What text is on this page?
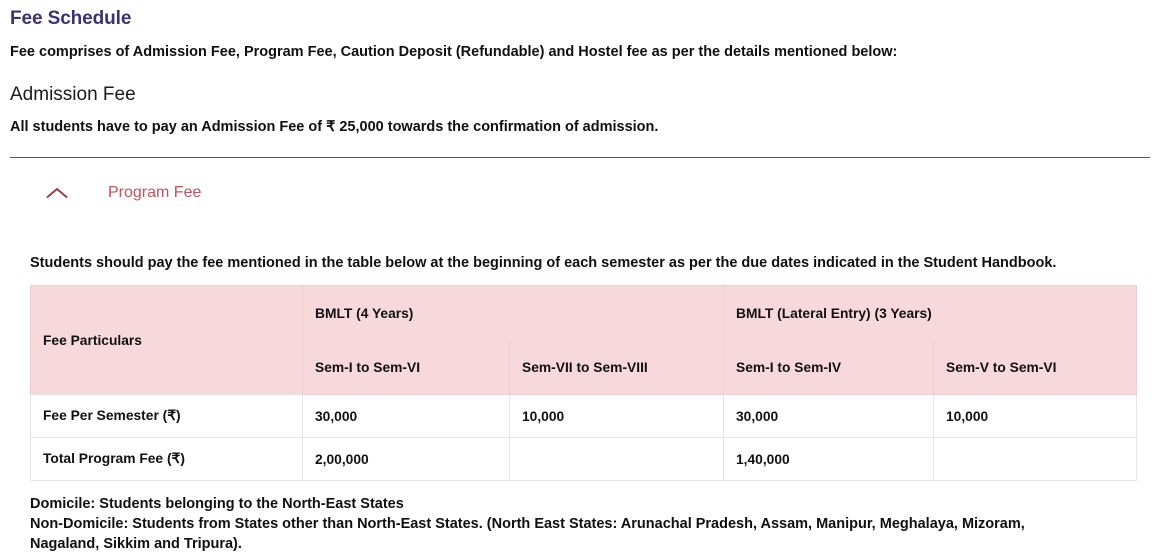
Fee Schedule

Fee comprises of Admission Fee, Program Fee, Caution Deposit (Refundable) and Hostel fee as per the details mentioned below:

Admission Fee

All students have to pay an Admission Fee of ₹ 25,000 towards the confirmation of admission.

Program Fee

Students should pay the fee mentioned in the table below at the beginning of each semester as per the due dates indicated in the Student Handbook.

Fee Particulars	BMLT (4 Years)		BMLT (Lateral Entry) (3 Years)	
	Sem-I to Sem-VI	Sem-VII to Sem-VIII	Sem-I to Sem-IV	Sem-V to Sem-VI
Fee Per Semester (₹)	30,000	10,000	30,000	10,000
Total Program Fee (₹)	2,00,000		1,40,000	
Domicile: Students belonging to the North-East States
Non-Domicile: Students from States other than North-East States. (North East States: Arunachal Pradesh, Assam, Manipur, Meghalaya, Mizoram,
Nagaland, Sikkim and Tripura).
